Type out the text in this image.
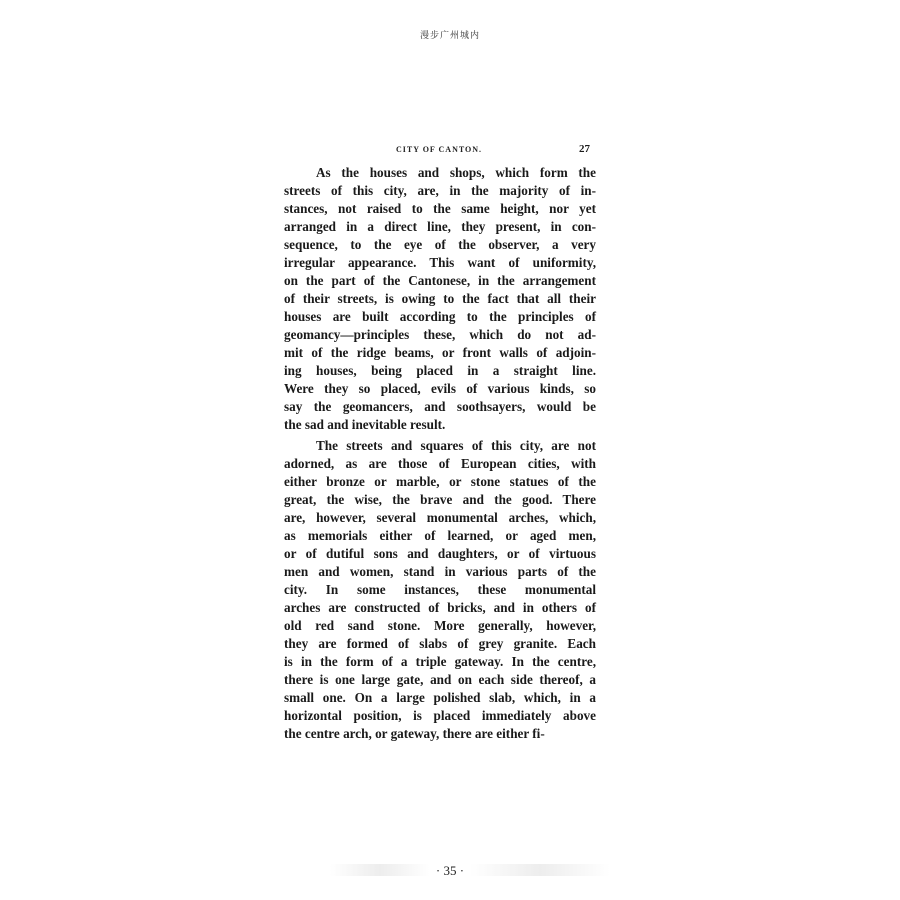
漫步广州城内
CITY OF CANTON.	27
As the houses and shops, which form the
streets of this city, are, in the majority of in-
stances, not raised to the same height, nor yet
arranged in a direct line, they present, in con-
sequence, to the eye of the observer, a very
irregular appearance. This want of uniformity,
on the part of the Cantonese, in the arrangement
of their streets, is owing to the fact that all their
houses are built according to the principles of
geomancy—principles these, which do not ad-
mit of the ridge beams, or front walls of adjoin-
ing houses, being placed in a straight line.
Were they so placed, evils of various kinds, so
say the geomancers, and soothsayers, would be
the sad and inevitable result.
The streets and squares of this city, are not
adorned, as are those of European cities, with
either bronze or marble, or stone statues of the
great, the wise, the brave and the good. There
are, however, several monumental arches, which,
as memorials either of learned, or aged men,
or of dutiful sons and daughters, or of virtuous
men and women, stand in various parts of the
city. In some instances, these monumental
arches are constructed of bricks, and in others of
old red sand stone. More generally, however,
they are formed of slabs of grey granite. Each
is in the form of a triple gateway. In the centre,
there is one large gate, and on each side thereof, a
small one. On a large polished slab, which, in a
horizontal position, is placed immediately above
the centre arch, or gateway, there are either fi-
· 35 ·
